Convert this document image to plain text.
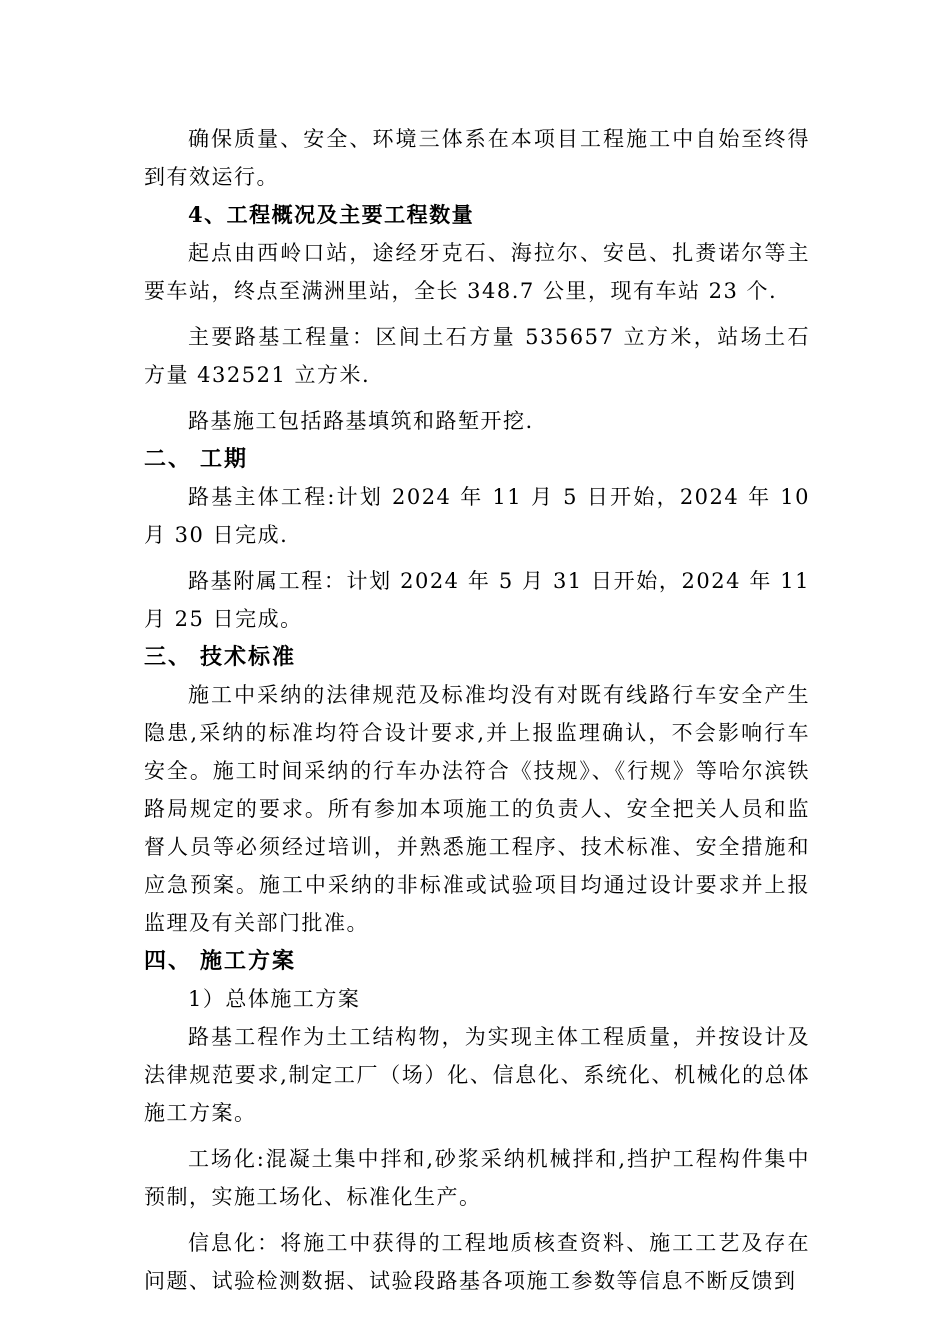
确保质量、安全、环境三体系在本项目工程施工中自始至终得到有效运行。

4、工程概况及主要工程数量

起点由西岭口站，途经牙克石、海拉尔、安邑、扎赉诺尔等主要车站，终点至满洲里站，全长 348.7 公里，现有车站 23 个.

主要路基工程量：区间土石方量 535657 立方米，站场土石方量 432521 立方米.

路基施工包括路基填筑和路堑开挖.

二、 工期

路基主体工程:计划 2024 年 11 月 5 日开始，2024 年 10 月 30 日完成.

路基附属工程：计划 2024 年 5 月 31 日开始，2024 年 11 月 25 日完成。

三、 技术标准

施工中采纳的法律规范及标准均没有对既有线路行车安全产生隐患,采纳的标准均符合设计要求,并上报监理确认，不会影响行车安全。施工时间采纳的行车办法符合《技规》、《行规》等哈尔滨铁路局规定的要求。所有参加本项施工的负责人、安全把关人员和监督人员等必须经过培训，并熟悉施工程序、技术标准、安全措施和应急预案。施工中采纳的非标准或试验项目均通过设计要求并上报监理及有关部门批准。

四、 施工方案

1）总体施工方案

路基工程作为土工结构物，为实现主体工程质量，并按设计及法律规范要求,制定工厂（场）化、信息化、系统化、机械化的总体施工方案。

工场化:混凝土集中拌和,砂浆采纳机械拌和,挡护工程构件集中预制，实施工场化、标准化生产。

信息化：将施工中获得的工程地质核查资料、施工工艺及存在问题、试验检测数据、试验段路基各项施工参数等信息不断反馈到
